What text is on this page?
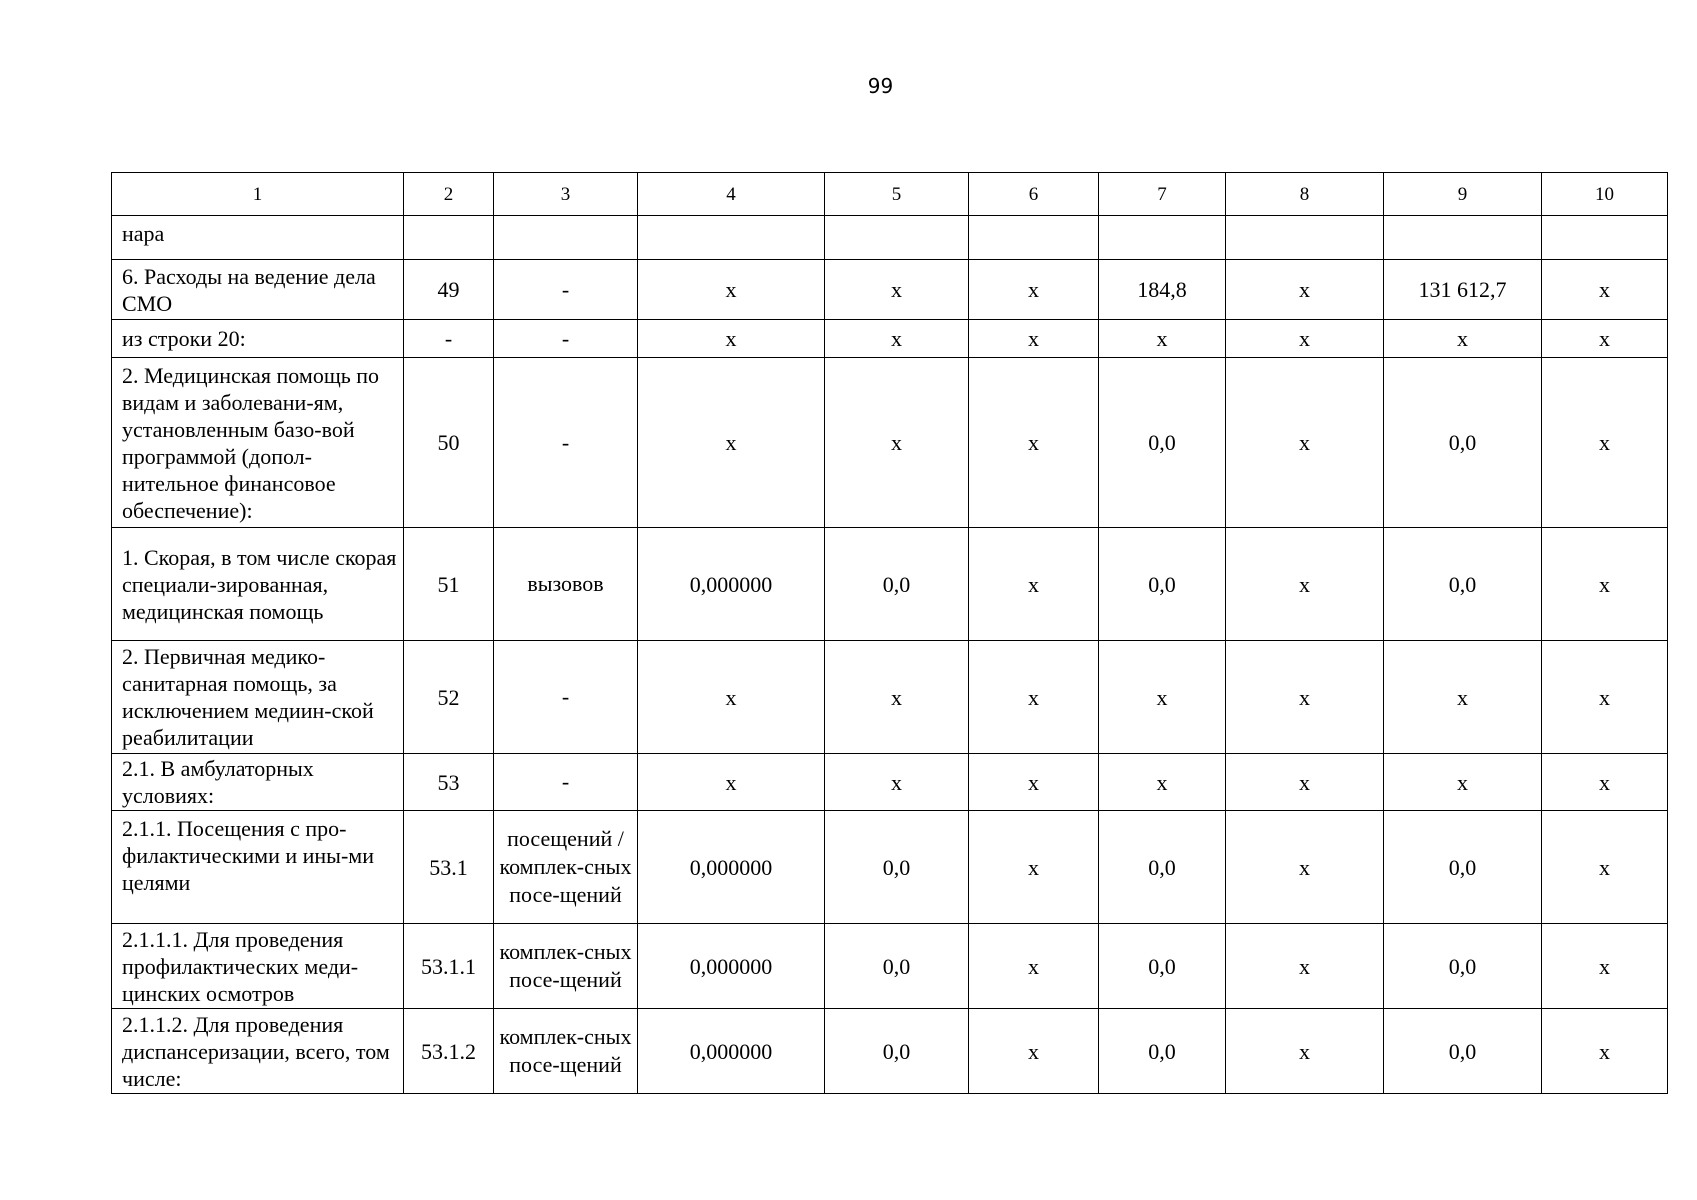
99
1	2	3	4	5	6	7	8	9	10
нара									
6. Расходы на ведение дела СМО	49	-	x	x	x	184,8	x	131 612,7	x
из строки 20:	-	-	x	x	x	x	x	x	x
2. Медицинская помощь по видам и заболевани-ям, установленным базо-вой программой (допол-нительное финансовое обеспечение):	50	-	x	x	x	0,0	x	0,0	x
1. Скорая, в том числе скорая специали-зированная, медицинская помощь	51	вызовов	0,000000	0,0	x	0,0	x	0,0	x
2. Первичная медико-санитарная помощь, за исключением медиин-ской реабилитации	52	-	x	x	x	x	x	x	x
2.1. В амбулаторных условиях:	53	-	x	x	x	x	x	x	x
2.1.1. Посещения с про-филактическими и ины-ми целями	53.1	посещений / комплек-сных посе-щений	0,000000	0,0	x	0,0	x	0,0	x
2.1.1.1. Для проведения профилактических меди-цинских осмотров	53.1.1	комплек-сных посе-щений	0,000000	0,0	x	0,0	x	0,0	x
2.1.1.2. Для проведения диспансеризации, всего, том числе:	53.1.2	комплек-сных посе-щений	0,000000	0,0	x	0,0	x	0,0	x
